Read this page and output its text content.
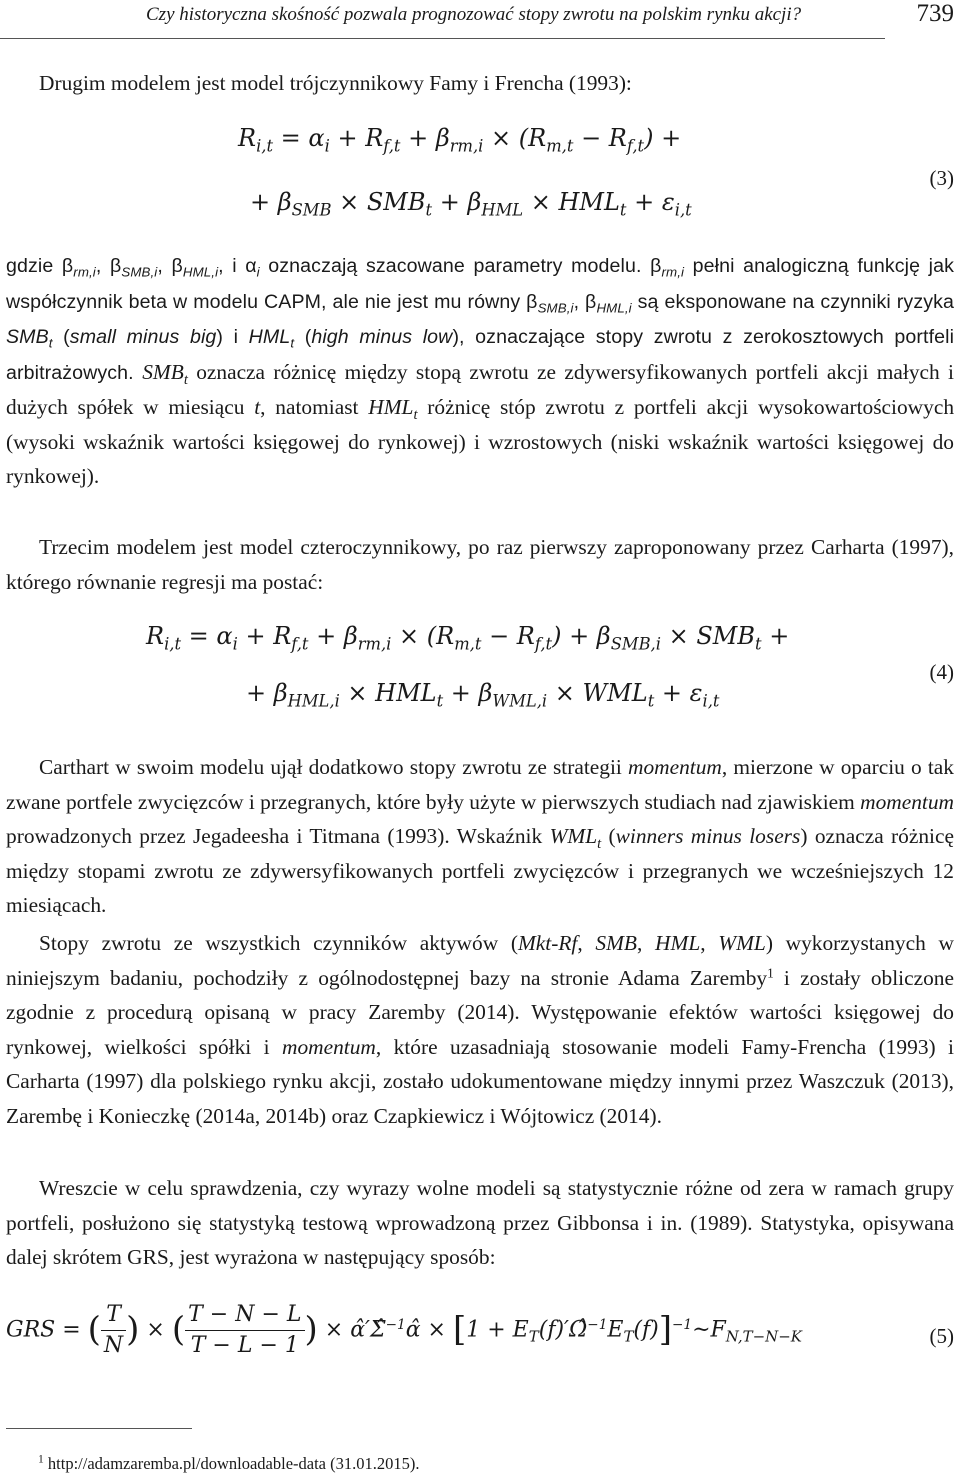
Czy historyczna skośność pozwala prognozować stopy zwrotu na polskim rynku akcji?	739
Drugim modelem jest model trójczynnikowy Famy i Frencha (1993):
$R_{i,t} = \alpha_i + R_{f,t} + \beta_{rm,i} \times (R_{m,t} - R_{f,t})$ +
+ $\beta_{SMB} \times SMB_t + \beta_{HML} \times HML_t + \varepsilon_{i,t}$
(3)
gdzie $\beta_{rm,i}$, $\beta_{SMB,i}$, $\beta_{HML,i}$, i $\alpha_i$ oznaczają szacowane parametry modelu. $\beta_{rm,i}$ pełni analogiczną funkcję jak współczynnik beta w modelu CAPM, ale nie jest mu równy $\beta_{SMB,i}$, $\beta_{HML,i}$ są eksponowane na czynniki ryzyka $SMB_t$ (small minus big) i $HML_t$ (high minus low), oznaczające stopy zwrotu z zerokosztowych portfeli arbitrażowych. $SMB_t$ oznacza różnicę między stopą zwrotu ze zdywersyfikowanych portfeli akcji małych i dużych spółek w miesiącu t, natomiast $HML_t$ różnicę stóp zwrotu z portfeli akcji wysokowartościowych (wysoki wskaźnik wartości księgowej do rynkowej) i wzrostowych (niski wskaźnik wartości księgowej do rynkowej).
Trzecim modelem jest model czteroczynnikowy, po raz pierwszy zaproponowany przez Carharta (1997), którego równanie regresji ma postać:
$R_{i,t} = \alpha_i + R_{f,t} + \beta_{rm,i} \times (R_{m,t} - R_{f,t}) + \beta_{SMB,i} \times SMB_t$ +
+ $\beta_{HML,i} \times HML_t + \beta_{WML,i} \times WML_t + \varepsilon_{i,t}$
(4)
Carthart w swoim modelu ujął dodatkowo stopy zwrotu ze strategii momentum, mierzone w oparciu o tak zwane portfele zwycięzców i przegranych, które były użyte w pierwszych studiach nad zjawiskiem momentum prowadzonych przez Jegadeesha i Titmana (1993). Wskaźnik $WML_t$ (winners minus losers) oznacza różnicę między stopami zwrotu ze zdywersyfikowanych portfeli zwycięzców i przegranych we wcześniejszych 12 miesiącach.
Stopy zwrotu ze wszystkich czynników aktywów (Mkt-Rf, SMB, HML, WML) wykorzystanych w niniejszym badaniu, pochodziły z ogólnodostępnej bazy na stronie Adama Zaremby$^1$ i zostały obliczone zgodnie z procedurą opisaną w pracy Zaremby (2014). Występowanie efektów wartości księgowej do rynkowej, wielkości spółki i momentum, które uzasadniają stosowanie modeli Famy-Frencha (1993) i Carharta (1997) dla polskiego rynku akcji, zostało udokumentowane między innymi przez Waszczuk (2013), Zarembę i Konieczkę (2014a, 2014b) oraz Czapkiewicz i Wójtowicz (2014).
Wreszcie w celu sprawdzenia, czy wyrazy wolne modeli są statystycznie różne od zera w ramach grupy portfeli, posłużono się statystyką testową wprowadzoną przez Gibbonsa i in. (1989). Statystyka, opisywana dalej skrótem GRS, jest wyrażona w następujący sposób:
GRS = ( $\frac{T}{N}$ ) × ( $\frac{T - N - L}{T - L - 1}$ ) × α̂′Σ̂$^{-1}$α̂ × $[1 + E_T(f)'\Omegâ^{-1}E_T(f)]^{-1}\sim F_{N,T-N-K}$	(5)
$^1$ http://adamzaremba.pl/downloadable-data (31.01.2015).
